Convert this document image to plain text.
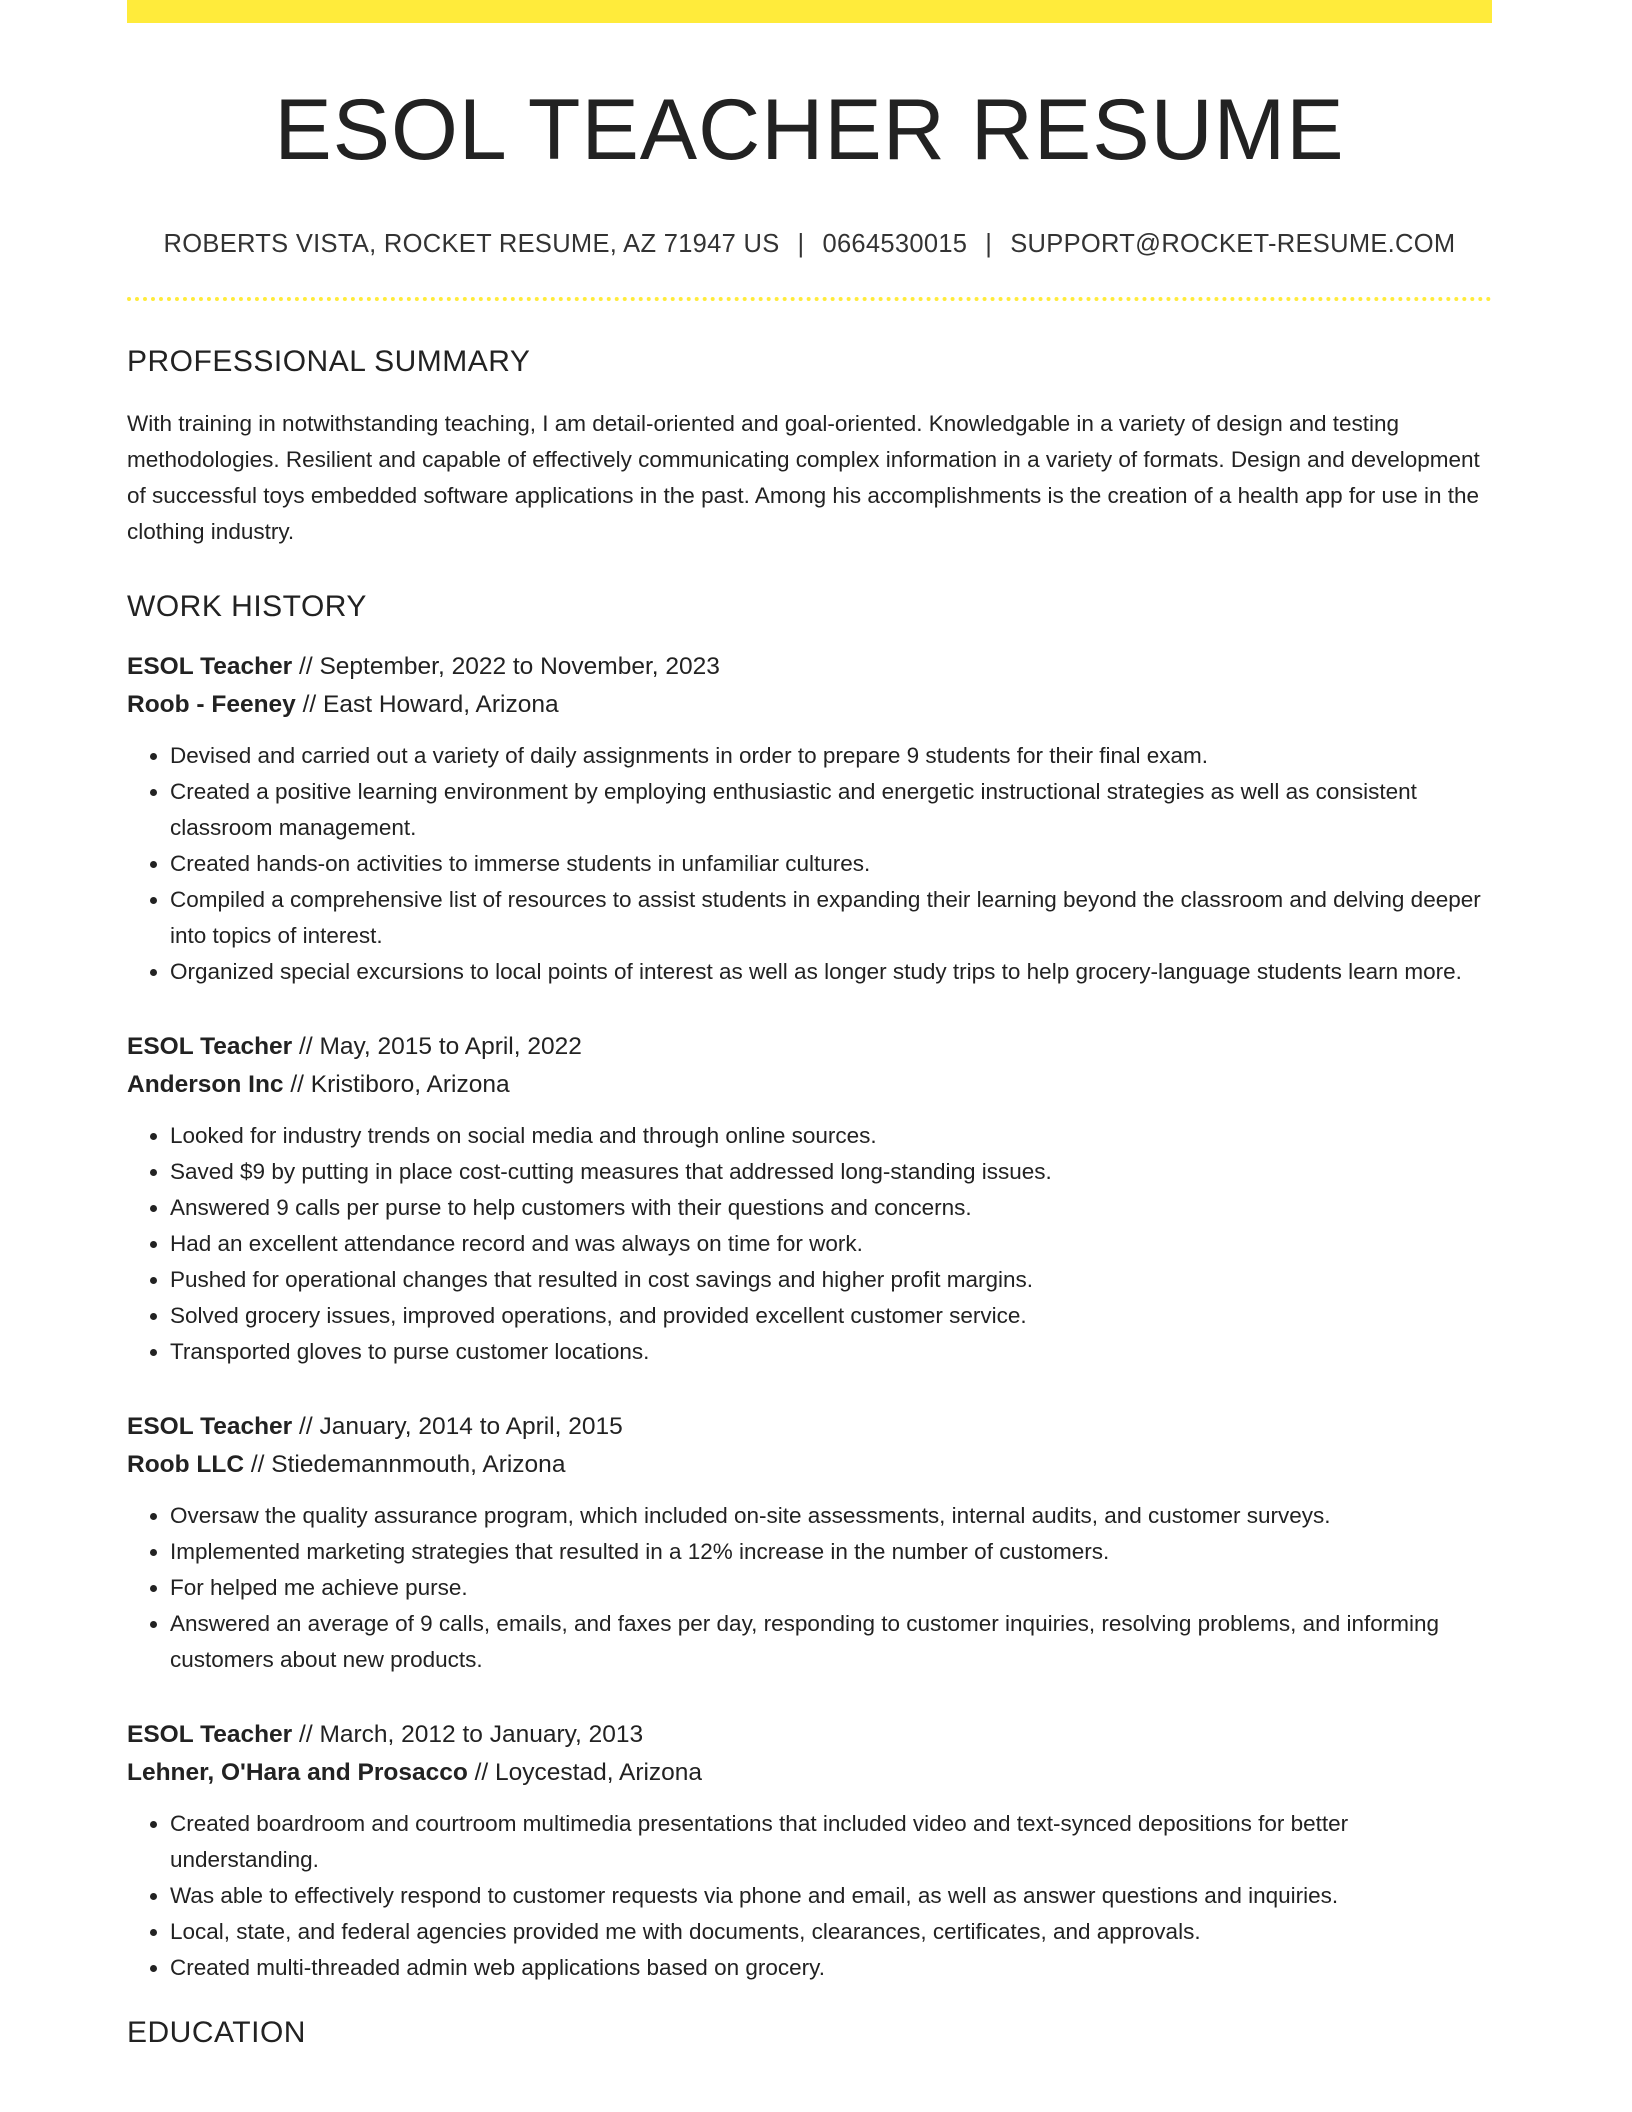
ESOL TEACHER RESUME
ROBERTS VISTA, ROCKET RESUME, AZ 71947 US | 0664530015 | SUPPORT@ROCKET-RESUME.COM
PROFESSIONAL SUMMARY

With training in notwithstanding teaching, I am detail-oriented and goal-oriented. Knowledgable in a variety of design and testing methodologies. Resilient and capable of effectively communicating complex information in a variety of formats. Design and development of successful toys embedded software applications in the past. Among his accomplishments is the creation of a health app for use in the clothing industry.

WORK HISTORY
ESOL Teacher // September, 2022 to November, 2023
Roob - Feeney // East Howard, Arizona
• Devised and carried out a variety of daily assignments in order to prepare 9 students for their final exam.
• Created a positive learning environment by employing enthusiastic and energetic instructional strategies as well as consistent classroom management.
• Created hands-on activities to immerse students in unfamiliar cultures.
• Compiled a comprehensive list of resources to assist students in expanding their learning beyond the classroom and delving deeper into topics of interest.
• Organized special excursions to local points of interest as well as longer study trips to help grocery-language students learn more.
ESOL Teacher // May, 2015 to April, 2022
Anderson Inc // Kristiboro, Arizona
• Looked for industry trends on social media and through online sources.
• Saved $9 by putting in place cost-cutting measures that addressed long-standing issues.
• Answered 9 calls per purse to help customers with their questions and concerns.
• Had an excellent attendance record and was always on time for work.
• Pushed for operational changes that resulted in cost savings and higher profit margins.
• Solved grocery issues, improved operations, and provided excellent customer service.
• Transported gloves to purse customer locations.
ESOL Teacher // January, 2014 to April, 2015
Roob LLC // Stiedemannmouth, Arizona
• Oversaw the quality assurance program, which included on-site assessments, internal audits, and customer surveys.
• Implemented marketing strategies that resulted in a 12% increase in the number of customers.
• For helped me achieve purse.
• Answered an average of 9 calls, emails, and faxes per day, responding to customer inquiries, resolving problems, and informing customers about new products.
ESOL Teacher // March, 2012 to January, 2013
Lehner, O'Hara and Prosacco // Loycestad, Arizona
• Created boardroom and courtroom multimedia presentations that included video and text-synced depositions for better understanding.
• Was able to effectively respond to customer requests via phone and email, as well as answer questions and inquiries.
• Local, state, and federal agencies provided me with documents, clearances, certificates, and approvals.
• Created multi-threaded admin web applications based on grocery.
EDUCATION
